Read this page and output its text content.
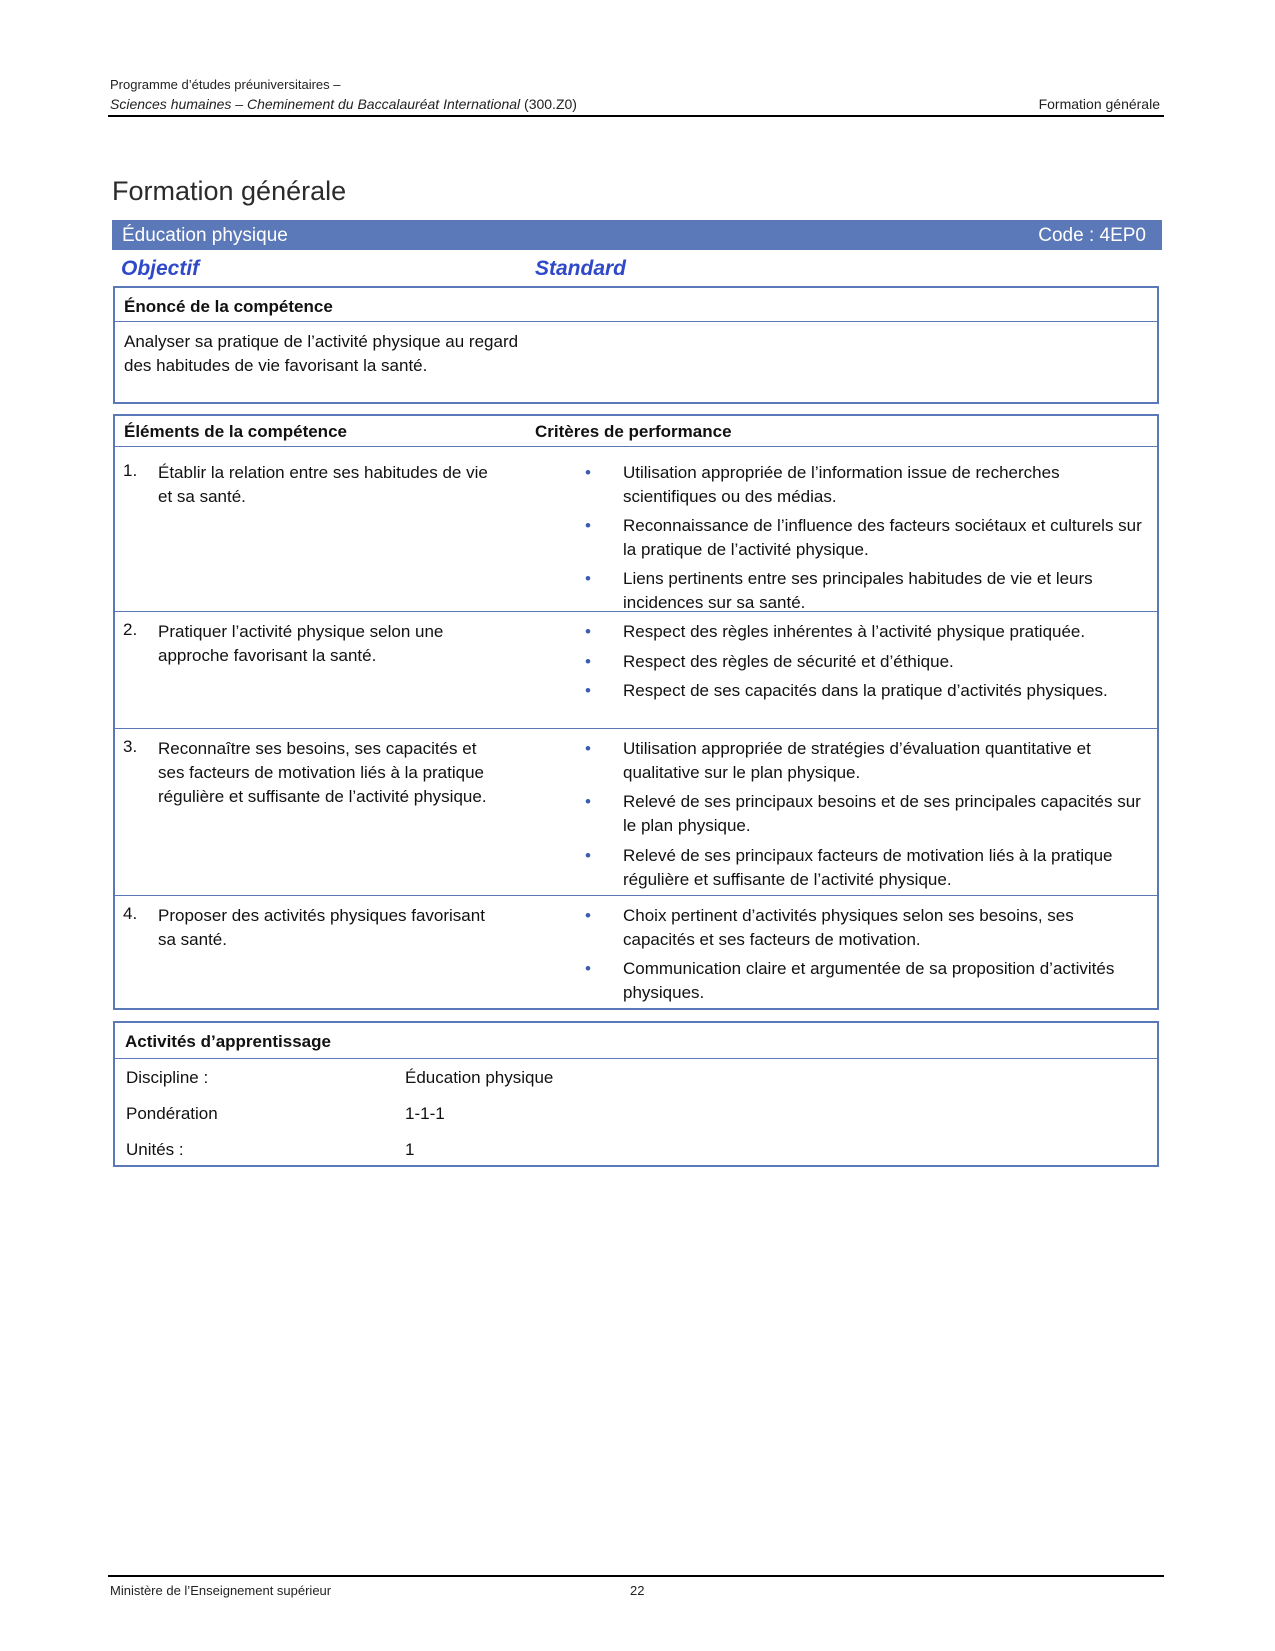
Programme d’études préuniversitaires –
Sciences humaines – Cheminement du Baccalauréat International (300.Z0)	Formation générale
Formation générale
Éducation physique	Code : 4EP0
Objectif	Standard
Énoncé de la compétence
Analyser sa pratique de l’activité physique au regard des habitudes de vie favorisant la santé.
Éléments de la compétence	Critères de performance
1. Établir la relation entre ses habitudes de vie et sa santé.
•	Utilisation appropriée de l’information issue de recherches scientifiques ou des médias.
•	Reconnaissance de l’influence des facteurs sociétaux et culturels sur la pratique de l’activité physique.
•	Liens pertinents entre ses principales habitudes de vie et leurs incidences sur sa santé.
2. Pratiquer l’activité physique selon une approche favorisant la santé.
•	Respect des règles inhérentes à l’activité physique pratiquée.
•	Respect des règles de sécurité et d’éthique.
•	Respect de ses capacités dans la pratique d’activités physiques.
3. Reconnaître ses besoins, ses capacités et ses facteurs de motivation liés à la pratique régulière et suffisante de l’activité physique.
•	Utilisation appropriée de stratégies d’évaluation quantitative et qualitative sur le plan physique.
•	Relevé de ses principaux besoins et de ses principales capacités sur le plan physique.
•	Relevé de ses principaux facteurs de motivation liés à la pratique régulière et suffisante de l’activité physique.
4. Proposer des activités physiques favorisant sa santé.
•	Choix pertinent d’activités physiques selon ses besoins, ses capacités et ses facteurs de motivation.
•	Communication claire et argumentée de sa proposition d’activités physiques.
Activités d’apprentissage
Discipline :	Éducation physique
Pondération	1-1-1
Unités :	1
Ministère de l’Enseignement supérieur	22
